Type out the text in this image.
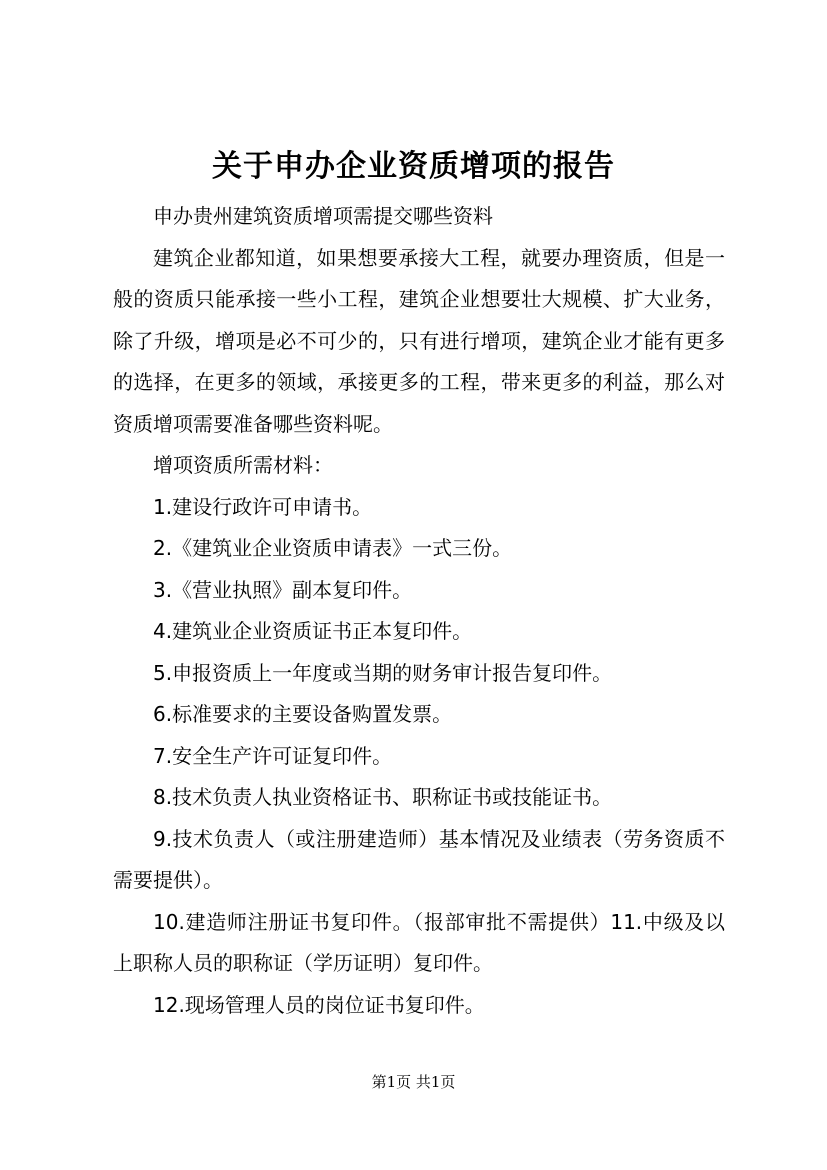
关于申办企业资质增项的报告

申办贵州建筑资质增项需提交哪些资料

建筑企业都知道，如果想要承接大工程，就要办理资质，但是一般的资质只能承接一些小工程，建筑企业想要壮大规模、扩大业务，除了升级，增项是必不可少的，只有进行增项，建筑企业才能有更多的选择，在更多的领域，承接更多的工程，带来更多的利益，那么对资质增项需要准备哪些资料呢。

增项资质所需材料：

1.建设行政许可申请书。

2.《建筑业企业资质申请表》一式三份。

3.《营业执照》副本复印件。

4.建筑业企业资质证书正本复印件。

5.申报资质上一年度或当期的财务审计报告复印件。

6.标准要求的主要设备购置发票。

7.安全生产许可证复印件。

8.技术负责人执业资格证书、职称证书或技能证书。

9.技术负责人（或注册建造师）基本情况及业绩表（劳务资质不需要提供）。

10.建造师注册证书复印件。（报部审批不需提供）11.中级及以上职称人员的职称证（学历证明）复印件。

12.现场管理人员的岗位证书复印件。

第1页 共1页
